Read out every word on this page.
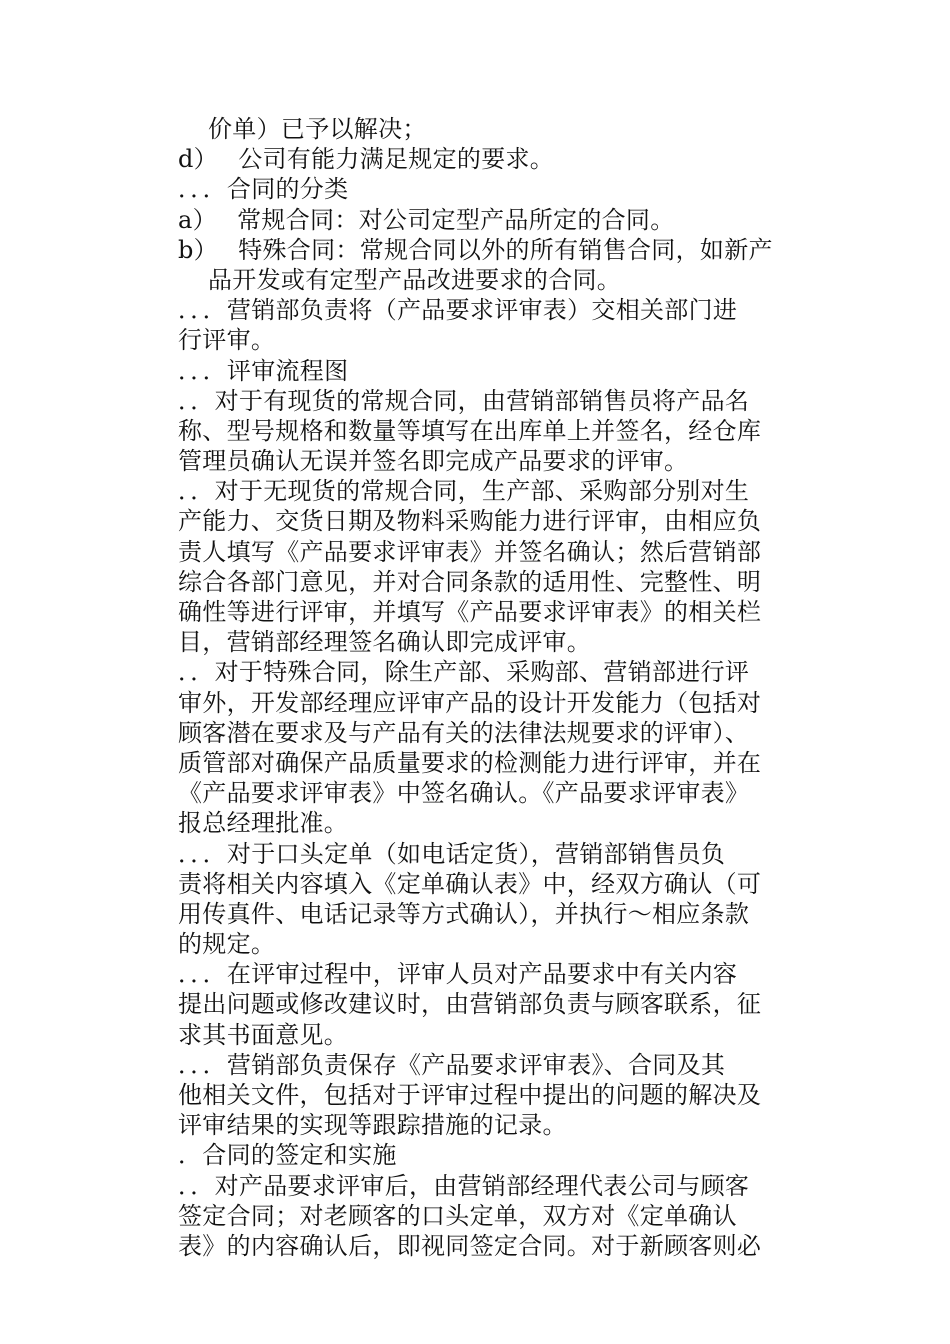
价单）已予以解决；
d）　 公司有能力满足规定的要求。
．．．合同的分类
a）　 常规合同：对公司定型产品所定的合同。
b）　 特殊合同：常规合同以外的所有销售合同，如新产
品开发或有定型产品改进要求的合同。
．．．营销部负责将（产品要求评审表）交相关部门进
行评审。
．．．评审流程图
．．对于有现货的常规合同，由营销部销售员将产品名
称、型号规格和数量等填写在出库单上并签名，经仓库
管理员确认无误并签名即完成产品要求的评审。
．．对于无现货的常规合同，生产部、采购部分别对生
产能力、交货日期及物料采购能力进行评审，由相应负
责人填写《产品要求评审表》并签名确认；然后营销部
综合各部门意见，并对合同条款的适用性、完整性、明
确性等进行评审，并填写《产品要求评审表》的相关栏
目，营销部经理签名确认即完成评审。
．．对于特殊合同，除生产部、采购部、营销部进行评
审外，开发部经理应评审产品的设计开发能力（包括对
顾客潜在要求及与产品有关的法律法规要求的评审）、
质管部对确保产品质量要求的检测能力进行评审，并在
《产品要求评审表》中签名确认。《产品要求评审表》
报总经理批准。
．．．对于口头定单（如电话定货），营销部销售员负
责将相关内容填入《定单确认表》中，经双方确认（可
用传真件、电话记录等方式确认），并执行～相应条款
的规定。
．．．在评审过程中，评审人员对产品要求中有关内容
提出问题或修改建议时，由营销部负责与顾客联系，征
求其书面意见。
．．．营销部负责保存《产品要求评审表》、合同及其
他相关文件，包括对于评审过程中提出的问题的解决及
评审结果的实现等跟踪措施的记录。
．合同的签定和实施
．．对产品要求评审后，由营销部经理代表公司与顾客
签定合同；对老顾客的口头定单，双方对《定单确认
表》的内容确认后，即视同签定合同。对于新顾客则必
